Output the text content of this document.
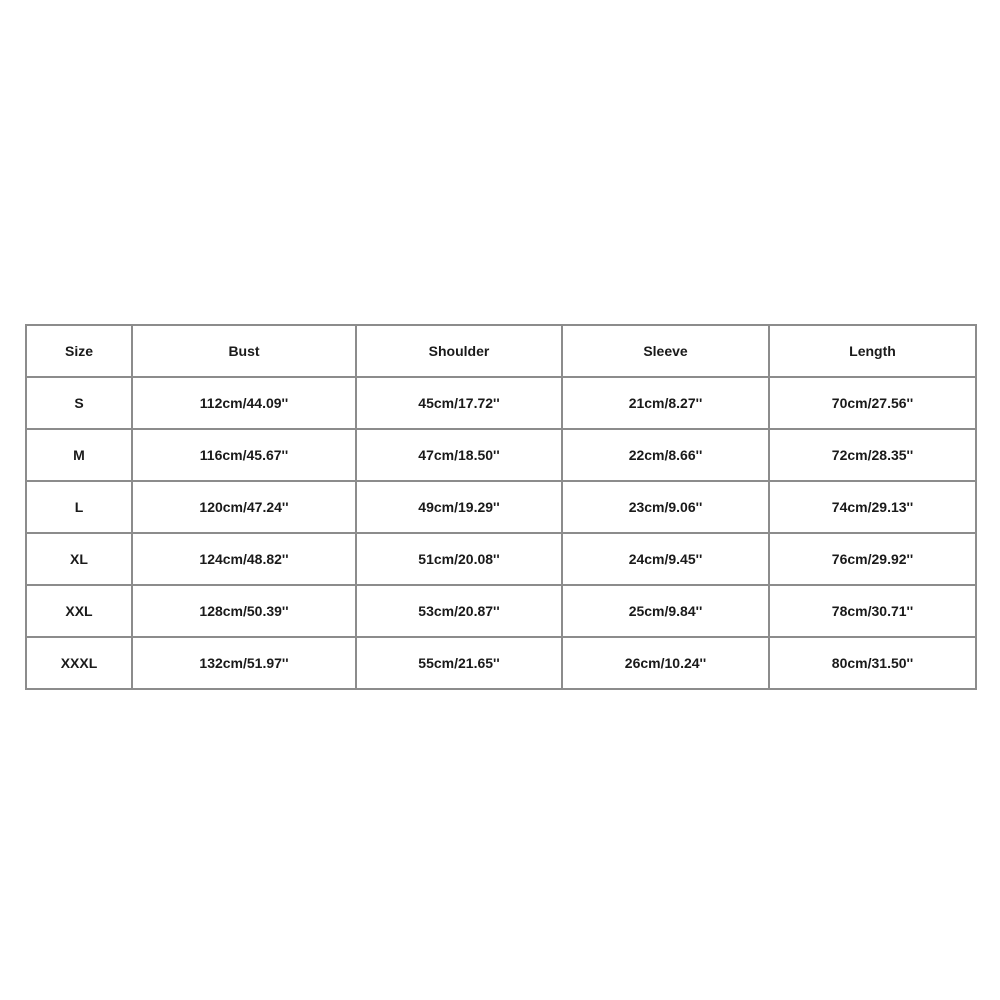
Size	Bust	Shoulder	Sleeve	Length
S	112cm/44.09''	45cm/17.72''	21cm/8.27''	70cm/27.56''
M	116cm/45.67''	47cm/18.50''	22cm/8.66''	72cm/28.35''
L	120cm/47.24''	49cm/19.29''	23cm/9.06''	74cm/29.13''
XL	124cm/48.82''	51cm/20.08''	24cm/9.45''	76cm/29.92''
XXL	128cm/50.39''	53cm/20.87''	25cm/9.84''	78cm/30.71''
XXXL	132cm/51.97''	55cm/21.65''	26cm/10.24''	80cm/31.50''
